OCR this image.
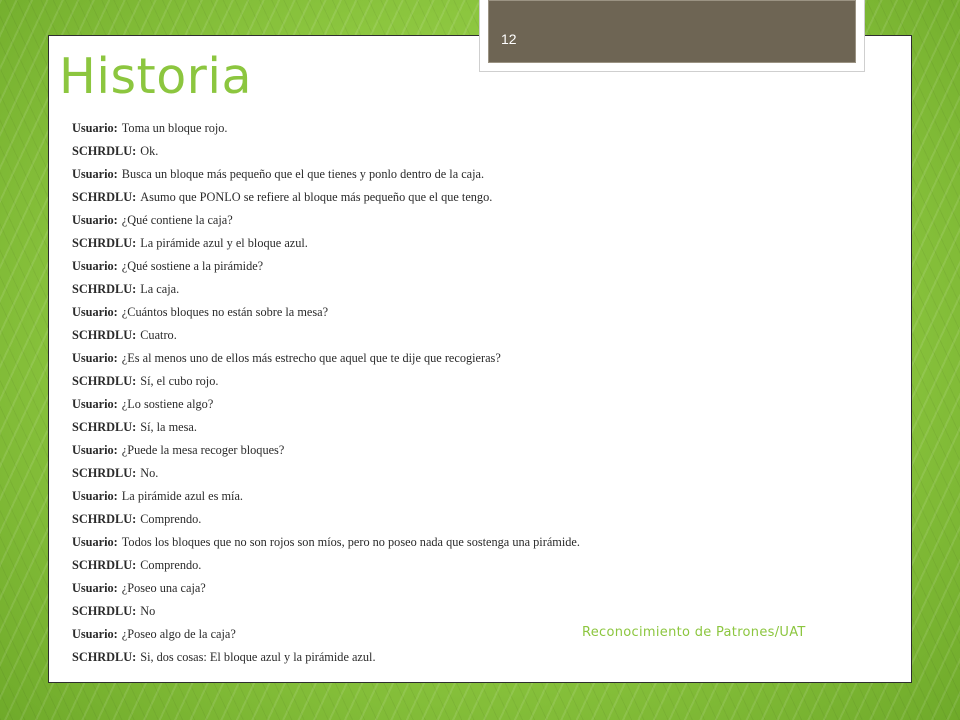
12
Historia
Usuario: Toma un bloque rojo.
SCHRDLU: Ok.
Usuario: Busca un bloque más pequeño que el que tienes y ponlo dentro de la caja.
SCHRDLU: Asumo que PONLO se refiere al bloque más pequeño que el que tengo.
Usuario: ¿Qué contiene la caja?
SCHRDLU: La pirámide azul y el bloque azul.
Usuario: ¿Qué sostiene a la pirámide?
SCHRDLU: La caja.
Usuario: ¿Cuántos bloques no están sobre la mesa?
SCHRDLU: Cuatro.
Usuario: ¿Es al menos uno de ellos más estrecho que aquel que te dije que recogieras?
SCHRDLU: Sí, el cubo rojo.
Usuario: ¿Lo sostiene algo?
SCHRDLU: Sí, la mesa.
Usuario: ¿Puede la mesa recoger bloques?
SCHRDLU: No.
Usuario: La pirámide azul es mía.
SCHRDLU: Comprendo.
Usuario: Todos los bloques que no son rojos son míos, pero no poseo nada que sostenga una pirámide.
SCHRDLU: Comprendo.
Usuario: ¿Poseo una caja?
SCHRDLU: No
Usuario: ¿Poseo algo de la caja?
SCHRDLU: Si, dos cosas: El bloque azul y la pirámide azul.
Reconocimiento de Patrones/UAT
